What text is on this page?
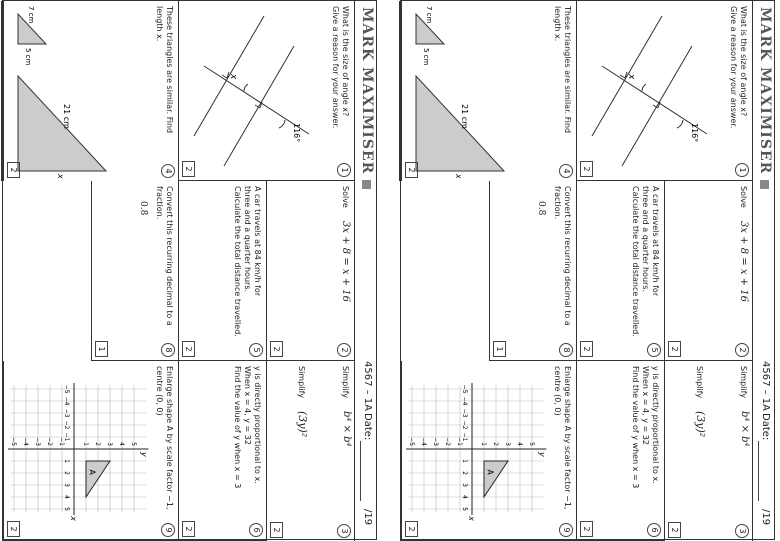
MARK MAXIMISER
4567 – 1A
Date:
/19
What is the size of angle x?
Give a reason for your answer.
1
116°
x
2
Solve
3x + 8 = x + 16
2
2
Simplify
b⁴ × b⁴
Simplify
(3y)²
3
2
A car travels at 84 km/h for
three and a quarter hours.
Calculate the total distance travelled.
5
2
y is directly proportional to x.
When x = 4, y = 32
Find the value of y when x = 3
6
2
These triangles are similar. Find length x.
4
7 cm
5 cm
21 cm
x
2
Convert this recurring decimal to a fraction.
0.8̇
8
1
Enlarge shape A by scale factor −1, centre (0, 0)
9
A
x
y
−5
−5
−4
−4
−3
−3
−2
−2
−1
−1
1
1
2
2
3
3
4
4
5
5
2
MARK MAXIMISER
4567 – 1A
Date:
/19
What is the size of angle x?
Give a reason for your answer.
1
116°
x
2
Solve
3x + 8 = x + 16
2
2
Simplify
b⁴ × b⁴
Simplify
(3y)²
3
2
A car travels at 84 km/h for
three and a quarter hours.
Calculate the total distance travelled.
5
2
y is directly proportional to x.
When x = 4, y = 32
Find the value of y when x = 3
6
2
These triangles are similar. Find length x.
4
7 cm
5 cm
21 cm
x
2
Convert this recurring decimal to a fraction.
0.8̇
8
1
Enlarge shape A by scale factor −1, centre (0, 0)
9
A
x
y
−5
−5
−4
−4
−3
−3
−2
−2
−1
−1
1
1
2
2
3
3
4
4
5
5
2
